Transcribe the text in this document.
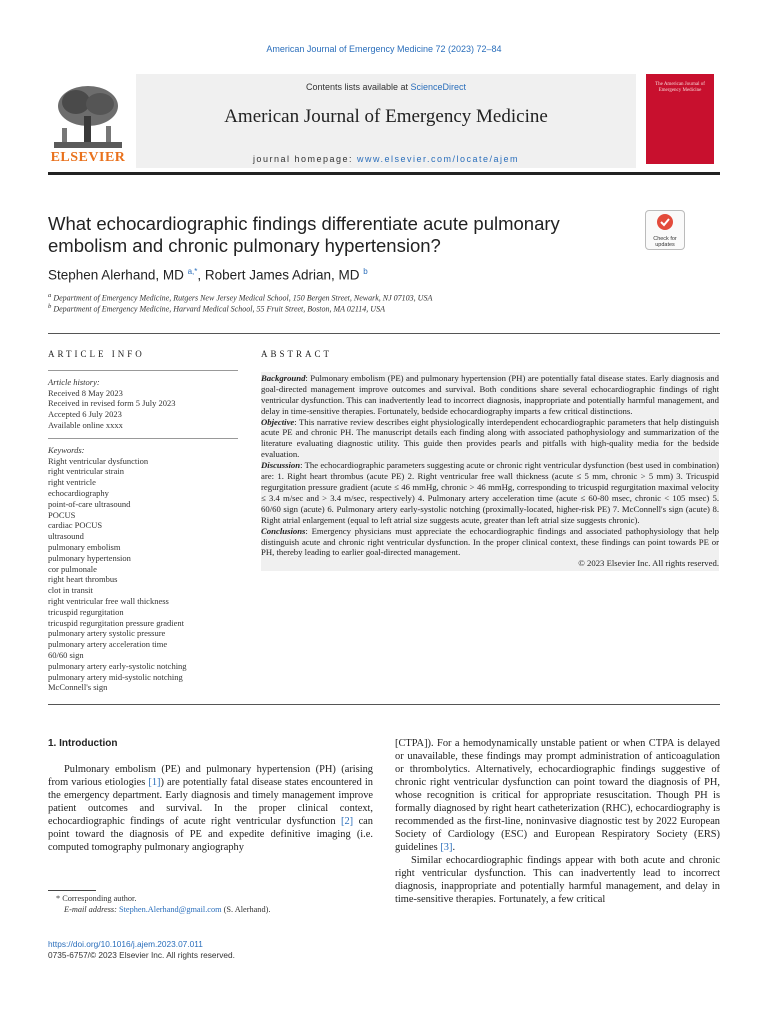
American Journal of Emergency Medicine 72 (2023) 72–84
ELSEVIER
Contents lists available at ScienceDirect
American Journal of Emergency Medicine
journal homepage: www.elsevier.com/locate/ajem
The American Journal of Emergency Medicine
What echocardiographic findings differentiate acute pulmonary embolism and chronic pulmonary hypertension?	Check for updates
Stephen Alerhand, MD $^{a,*}$, Robert James Adrian, MD $^b$
$^a$ Department of Emergency Medicine, Rutgers New Jersey Medical School, 150 Bergen Street, Newark, NJ 07103, USA
$^b$ Department of Emergency Medicine, Harvard Medical School, 55 Fruit Street, Boston, MA 02114, USA
ARTICLE INFO
Article history:
Received 8 May 2023
Received in revised form 5 July 2023
Accepted 6 July 2023
Available online xxxx
Keywords:
Right ventricular dysfunction
right ventricular strain
right ventricle
echocardiography
point-of-care ultrasound
POCUS
cardiac POCUS
ultrasound
pulmonary embolism
pulmonary hypertension
cor pulmonale
right heart thrombus
clot in transit
right ventricular free wall thickness
tricuspid regurgitation
tricuspid regurgitation pressure gradient
pulmonary artery systolic pressure
pulmonary artery acceleration time
60/60 sign
pulmonary artery early-systolic notching
pulmonary artery mid-systolic notching
McConnell's sign
ABSTRACT
Background: Pulmonary embolism (PE) and pulmonary hypertension (PH) are potentially fatal disease states. Early diagnosis and goal-directed management improve outcomes and survival. Both conditions share several echocardiographic findings of right ventricular dysfunction. This can inadvertently lead to incorrect diagnosis, inappropriate and potentially harmful management, and delay in time-sensitive therapies. Fortunately, bedside echocardiography imparts a few critical distinctions.
Objective: This narrative review describes eight physiologically interdependent echocardiographic parameters that help distinguish acute PE and chronic PH. The manuscript details each finding along with associated pathophysiology and summarization of the literature evaluating diagnostic utility. This guide then provides pearls and pitfalls with high-quality media for the bedside evaluation.
Discussion: The echocardiographic parameters suggesting acute or chronic right ventricular dysfunction (best used in combination) are: 1. Right heart thrombus (acute PE) 2. Right ventricular free wall thickness (acute ≤ 5 mm, chronic > 5 mm) 3. Tricuspid regurgitation pressure gradient (acute ≤ 46 mmHg, chronic > 46 mmHg, corresponding to tricuspid regurgitation maximal velocity ≤ 3.4 m/sec and > 3.4 m/sec, respectively) 4. Pulmonary artery acceleration time (acute ≤ 60-80 msec, chronic < 105 msec) 5. 60/60 sign (acute) 6. Pulmonary artery early-systolic notching (proximally-located, higher-risk PE) 7. McConnell's sign (acute) 8. Right atrial enlargement (equal to left atrial size suggests acute, greater than left atrial size suggests chronic).
Conclusions: Emergency physicians must appreciate the echocardiographic findings and associated pathophysiology that help distinguish acute and chronic right ventricular dysfunction. In the proper clinical context, these findings can point towards PE or PH, thereby leading to earlier goal-directed management.
© 2023 Elsevier Inc. All rights reserved.
1. Introduction
Pulmonary embolism (PE) and pulmonary hypertension (PH) (arising from various etiologies [1]) are potentially fatal disease states encountered in the emergency department. Early diagnosis and timely management improve patient outcomes and survival. In the proper clinical context, echocardiographic findings of acute right ventricular dysfunction [2] can point toward the diagnosis of PE and expedite definitive imaging (i.e. computed tomography pulmonary angiography
[CTPA]). For a hemodynamically unstable patient or when CTPA is delayed or unavailable, these findings may prompt administration of anticoagulation or thrombolytics. Alternatively, echocardiographic findings suggestive of chronic right ventricular dysfunction can point toward the diagnosis of PH, whose recognition is critical for appropriate resuscitation. Though PH is formally diagnosed by right heart catheterization (RHC), echocardiography is recommended as the first-line, noninvasive diagnostic test by 2022 European Society of Cardiology (ESC) and European Respiratory Society (ERS) guidelines [3].
Similar echocardiographic findings appear with both acute and chronic right ventricular dysfunction. This can inadvertently lead to incorrect diagnosis, inappropriate and potentially harmful management, and delay in time-sensitive therapies. Fortunately, a few critical
* Corresponding author.
E-mail address: Stephen.Alerhand@gmail.com (S. Alerhand).
https://doi.org/10.1016/j.ajem.2023.07.011
0735-6757/© 2023 Elsevier Inc. All rights reserved.
